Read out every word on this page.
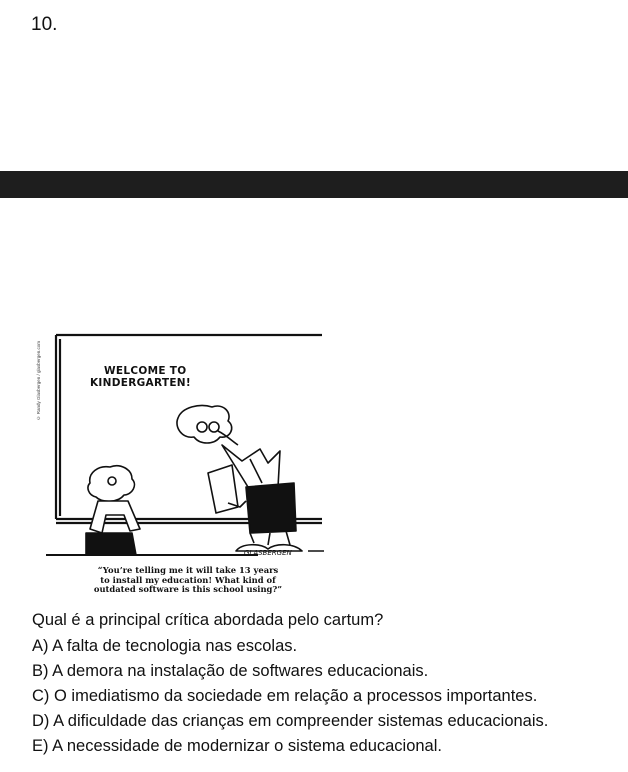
10.
GLASBERGEN
© Randy Glasbergen / glasbergen.com	WELCOME TO
KINDERGARTEN!
“You’re telling me it will take 13 years
to install my education! What kind of
outdated software is this school using?”
Qual é a principal crítica abordada pelo cartum?
A) A falta de tecnologia nas escolas.
B) A demora na instalação de softwares educacionais.
C) O imediatismo da sociedade em relação a processos importantes.
D) A dificuldade das crianças em compreender sistemas educacionais.
E) A necessidade de modernizar o sistema educacional.
